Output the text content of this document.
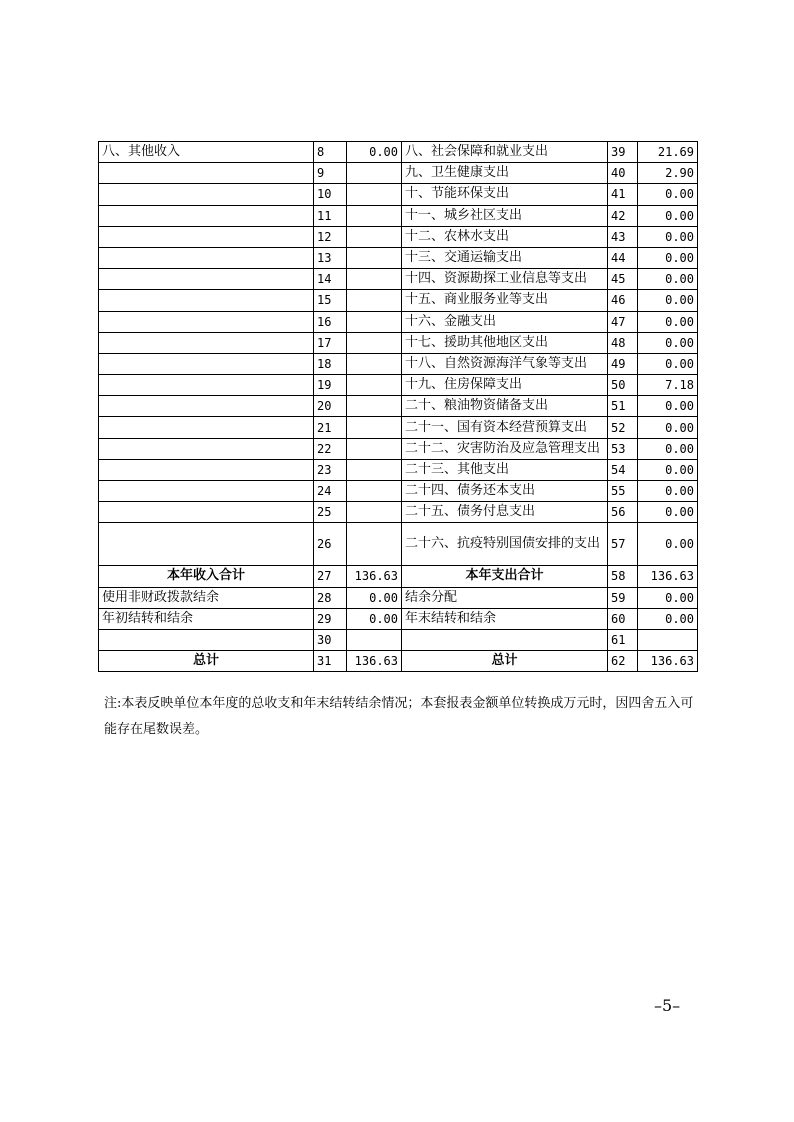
八、其他收入	8	0.00	八、社会保障和就业支出	39	21.69
	9		九、卫生健康支出	40	2.90
	10		十、节能环保支出	41	0.00
	11		十一、城乡社区支出	42	0.00
	12		十二、农林水支出	43	0.00
	13		十三、交通运输支出	44	0.00
	14		十四、资源勘探工业信息等支出	45	0.00
	15		十五、商业服务业等支出	46	0.00
	16		十六、金融支出	47	0.00
	17		十七、援助其他地区支出	48	0.00
	18		十八、自然资源海洋气象等支出	49	0.00
	19		十九、住房保障支出	50	7.18
	20		二十、粮油物资储备支出	51	0.00
	21		二十一、国有资本经营预算支出	52	0.00
	22		二十二、灾害防治及应急管理支出	53	0.00
	23		二十三、其他支出	54	0.00
	24		二十四、债务还本支出	55	0.00
	25		二十五、债务付息支出	56	0.00
	26		二十六、抗疫特别国债安排的支出	57	0.00
本年收入合计	27	136.63	本年支出合计	58	136.63
使用非财政拨款结余	28	0.00	结余分配	59	0.00
年初结转和结余	29	0.00	年末结转和结余	60	0.00
	30			61	
总计	31	136.63	总计	62	136.63
注:本表反映单位本年度的总收支和年末结转结余情况；本套报表金额单位转换成万元时，因四舍五入可能存在尾数误差。
–5–
